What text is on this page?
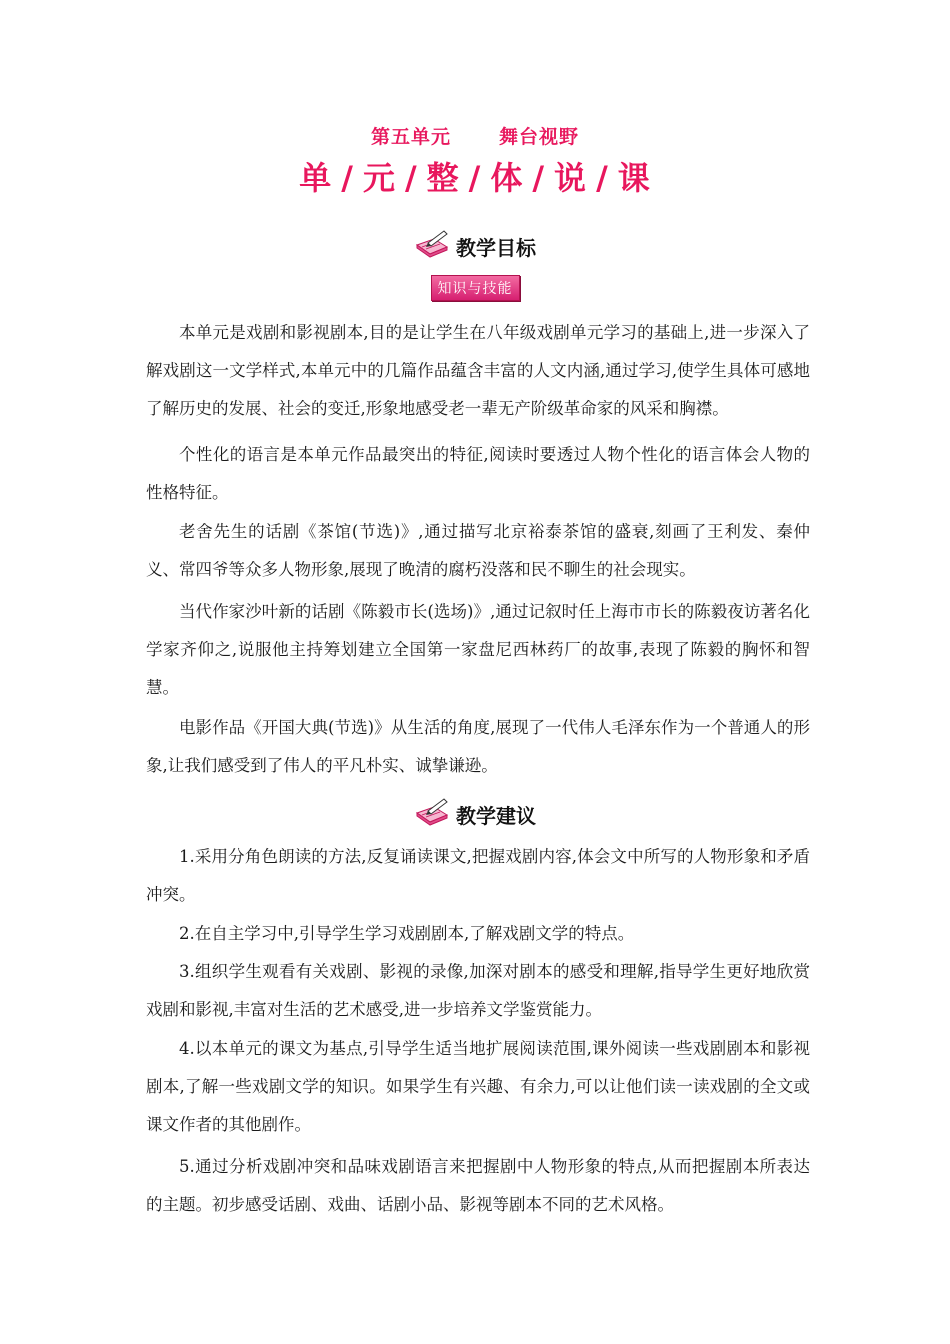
第五单元	舞台视野
单 / 元 / 整 / 体 / 说 / 课
教学目标
知识与技能

本单元是戏剧和影视剧本,目的是让学生在八年级戏剧单元学习的基础上,进一步深入了解戏剧这一文学样式,本单元中的几篇作品蕴含丰富的人文内涵,通过学习,使学生具体可感地了解历史的发展、社会的变迁,形象地感受老一辈无产阶级革命家的风采和胸襟。

个性化的语言是本单元作品最突出的特征,阅读时要透过人物个性化的语言体会人物的性格特征。

老舍先生的话剧《茶馆(节选)》,通过描写北京裕泰茶馆的盛衰,刻画了王利发、秦仲义、常四爷等众多人物形象,展现了晚清的腐朽没落和民不聊生的社会现实。

当代作家沙叶新的话剧《陈毅市长(选场)》,通过记叙时任上海市市长的陈毅夜访著名化学家齐仰之,说服他主持筹划建立全国第一家盘尼西林药厂的故事,表现了陈毅的胸怀和智慧。

电影作品《开国大典(节选)》从生活的角度,展现了一代伟人毛泽东作为一个普通人的形象,让我们感受到了伟人的平凡朴实、诚挚谦逊。

教学建议

1.采用分角色朗读的方法,反复诵读课文,把握戏剧内容,体会文中所写的人物形象和矛盾冲突。

2.在自主学习中,引导学生学习戏剧剧本,了解戏剧文学的特点。

3.组织学生观看有关戏剧、影视的录像,加深对剧本的感受和理解,指导学生更好地欣赏戏剧和影视,丰富对生活的艺术感受,进一步培养文学鉴赏能力。

4.以本单元的课文为基点,引导学生适当地扩展阅读范围,课外阅读一些戏剧剧本和影视剧本,了解一些戏剧文学的知识。如果学生有兴趣、有余力,可以让他们读一读戏剧的全文或课文作者的其他剧作。

5.通过分析戏剧冲突和品味戏剧语言来把握剧中人物形象的特点,从而把握剧本所表达的主题。初步感受话剧、戏曲、话剧小品、影视等剧本不同的艺术风格。
